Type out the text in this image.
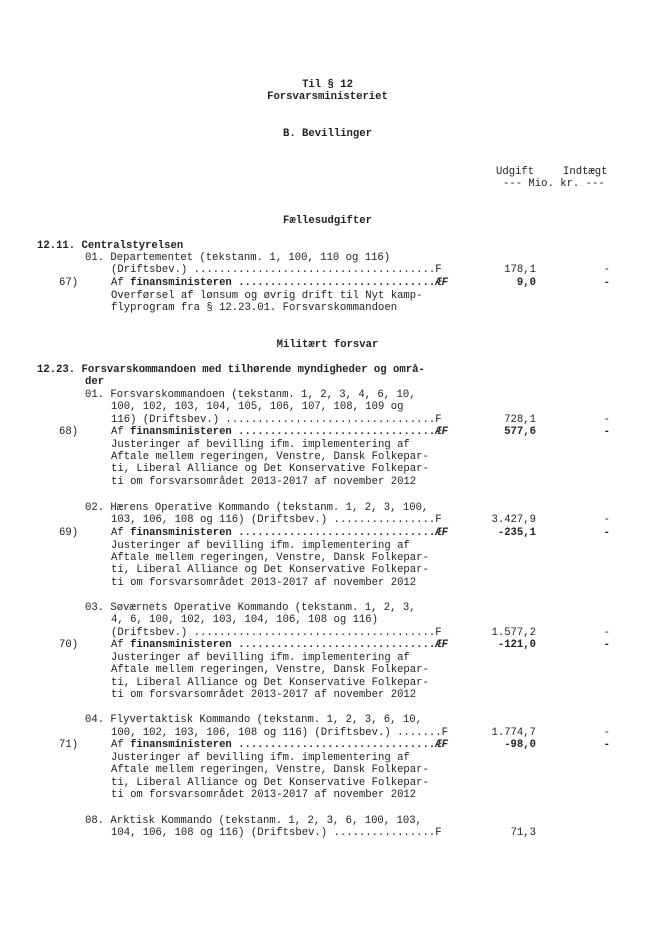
Til § 12
Forsvarsministeriet
B. Bevillinger
Udgift	Indtægt
--- Mio. kr. ---
Fællesudgifter
12.11. Centralstyrelsen
01. Departementet (tekstanm. 1, 100, 110 og 116)
(Driftsbev.) ......................................F	178,1	-
67)	Af finansministeren ...............................ÆF	9,0	-
Overførsel af lønsum og øvrig drift til Nyt kamp-
flyprogram fra § 12.23.01. Forsvarskommandoen
Militært forsvar
12.23. Forsvarskommandoen med tilhørende myndigheder og områ-
der
01. Forsvarskommandoen (tekstanm. 1, 2, 3, 4, 6, 10,
100, 102, 103, 104, 105, 106, 107, 108, 109 og
116) (Driftsbev.) .................................F	728,1	-
68)	Af finansministeren ...............................ÆF	577,6	-
Justeringer af bevilling ifm. implementering af
Aftale mellem regeringen, Venstre, Dansk Folkepar-
ti, Liberal Alliance og Det Konservative Folkepar-
ti om forsvarsområdet 2013-2017 af november 2012
02. Hærens Operative Kommando (tekstanm. 1, 2, 3, 100,
103, 106, 108 og 116) (Driftsbev.) ................F	3.427,9	-
69)	Af finansministeren ...............................ÆF	-235,1	-
Justeringer af bevilling ifm. implementering af
Aftale mellem regeringen, Venstre, Dansk Folkepar-
ti, Liberal Alliance og Det Konservative Folkepar-
ti om forsvarsområdet 2013-2017 af november 2012
03. Søværnets Operative Kommando (tekstanm. 1, 2, 3,
4, 6, 100, 102, 103, 104, 106, 108 og 116)
(Driftsbev.) ......................................F	1.577,2	-
70)	Af finansministeren ...............................ÆF	-121,0	-
Justeringer af bevilling ifm. implementering af
Aftale mellem regeringen, Venstre, Dansk Folkepar-
ti, Liberal Alliance og Det Konservative Folkepar-
ti om forsvarsområdet 2013-2017 af november 2012
04. Flyvertaktisk Kommando (tekstanm. 1, 2, 3, 6, 10,
100, 102, 103, 106, 108 og 116) (Driftsbev.) .......F	1.774,7	-
71)	Af finansministeren ...............................ÆF	-98,0	-
Justeringer af bevilling ifm. implementering af
Aftale mellem regeringen, Venstre, Dansk Folkepar-
ti, Liberal Alliance og Det Konservative Folkepar-
ti om forsvarsområdet 2013-2017 af november 2012
08. Arktisk Kommando (tekstanm. 1, 2, 3, 6, 100, 103,
104, 106, 108 og 116) (Driftsbev.) ................F	71,3
